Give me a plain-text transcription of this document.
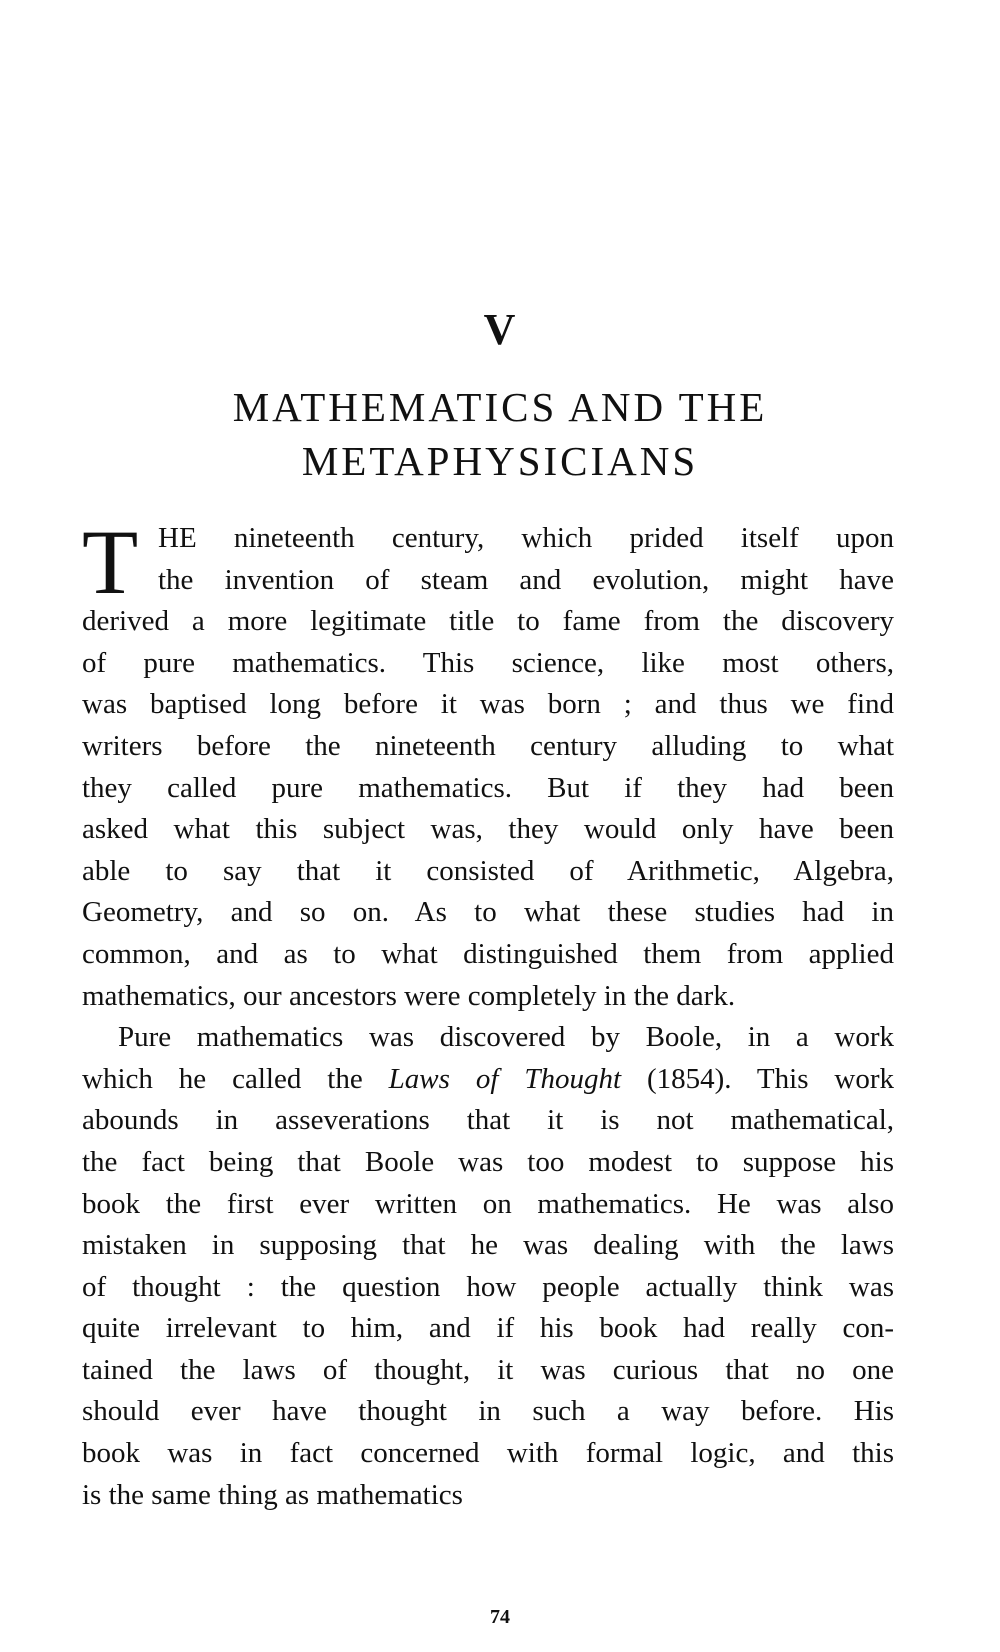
V
MATHEMATICS AND THE
METAPHYSICIANS
T HE nineteenth century, which prided itself upon
the invention of steam and evolution, might have
derived a more legitimate title to fame from the discovery
of pure mathematics. This science, like most others,
was baptised long before it was born ; and thus we find
writers before the nineteenth century alluding to what
they called pure mathematics. But if they had been
asked what this subject was, they would only have been
able to say that it consisted of Arithmetic, Algebra,
Geometry, and so on. As to what these studies had in
common, and as to what distinguished them from applied
mathematics, our ancestors were completely in the dark.
Pure mathematics was discovered by Boole, in a work
which he called the Laws of Thought (1854). This work
abounds in asseverations that it is not mathematical,
the fact being that Boole was too modest to suppose his
book the first ever written on mathematics. He was also
mistaken in supposing that he was dealing with the laws
of thought : the question how people actually think was
quite irrelevant to him, and if his book had really con-
tained the laws of thought, it was curious that no one
should ever have thought in such a way before. His
book was in fact concerned with formal logic, and this
is the same thing as mathematics
74
